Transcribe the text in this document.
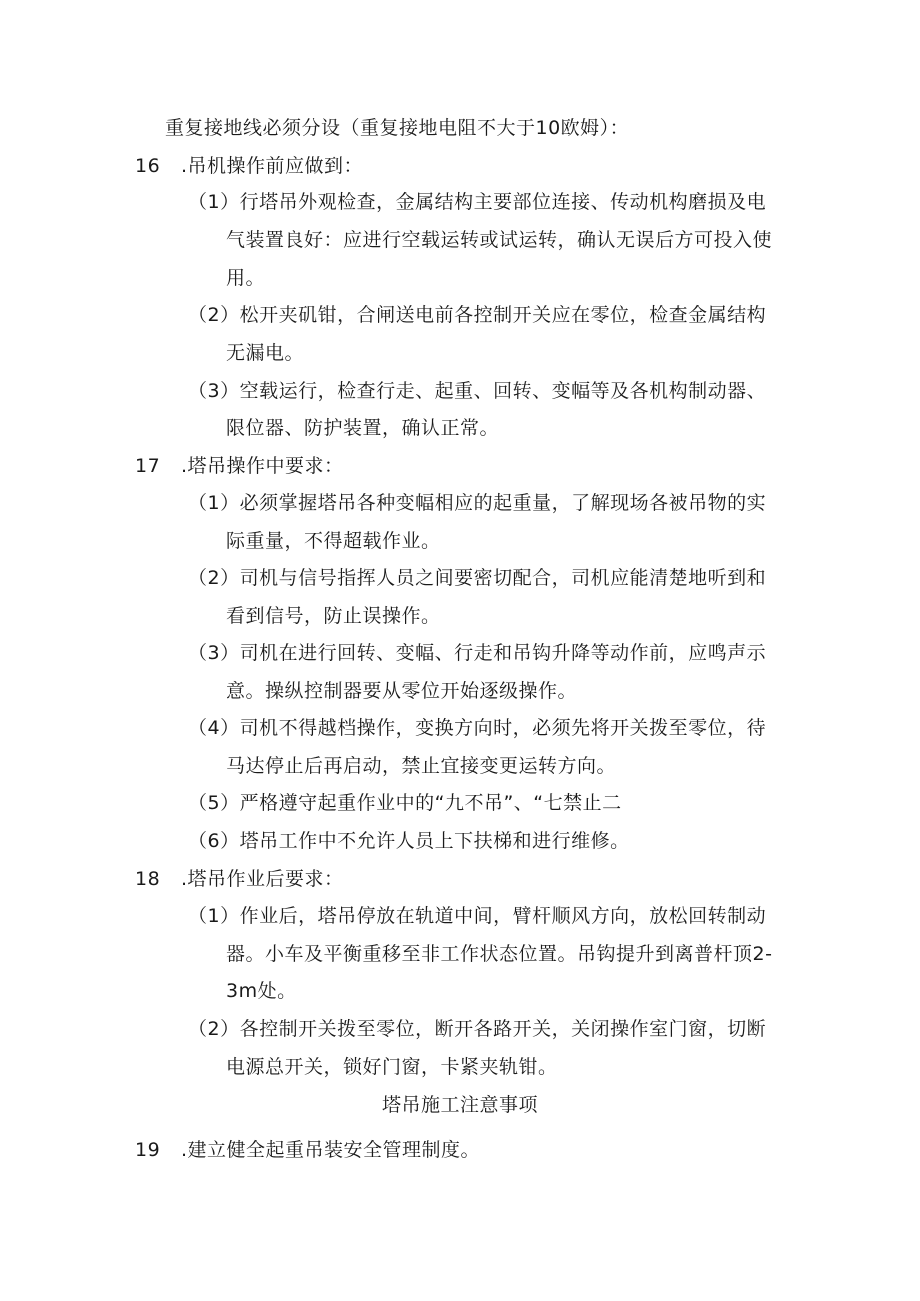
重复接地线必须分设（重复接地电阻不大于10欧姆）：
16 .吊机操作前应做到：
（1）行塔吊外观检查，金属结构主要部位连接、传动机构磨损及电
气装置良好：应进行空载运转或试运转，确认无误后方可投入使
用。
（2）松开夹矶钳，合闸送电前各控制开关应在零位，检查金属结构
无漏电。
（3）空载运行，检查行走、起重、回转、变幅等及各机构制动器、
限位器、防护装置，确认正常。
17 .塔吊操作中要求：
（1）必须掌握塔吊各种变幅相应的起重量，了解现场各被吊物的实
际重量，不得超载作业。
（2）司机与信号指挥人员之间要密切配合，司机应能清楚地听到和
看到信号，防止误操作。
（3）司机在进行回转、变幅、行走和吊钩升降等动作前，应鸣声示
意。操纵控制器要从零位开始逐级操作。
（4）司机不得越档操作，变换方向时，必须先将开关拨至零位，待
马达停止后再启动，禁止宜接变更运转方向。
（5）严格遵守起重作业中的“九不吊”、“七禁止二
（6）塔吊工作中不允许人员上下扶梯和进行维修。
18 .塔吊作业后要求：
（1）作业后，塔吊停放在轨道中间，臂杆顺风方向，放松回转制动
器。小车及平衡重移至非工作状态位置。吊钩提升到离普杆顶2-
3m处。
（2）各控制开关拨至零位，断开各路开关，关闭操作室门窗，切断
电源总开关，锁好门窗，卡紧夹轨钳。
塔吊施工注意事项
19 .建立健全起重吊装安全管理制度。
